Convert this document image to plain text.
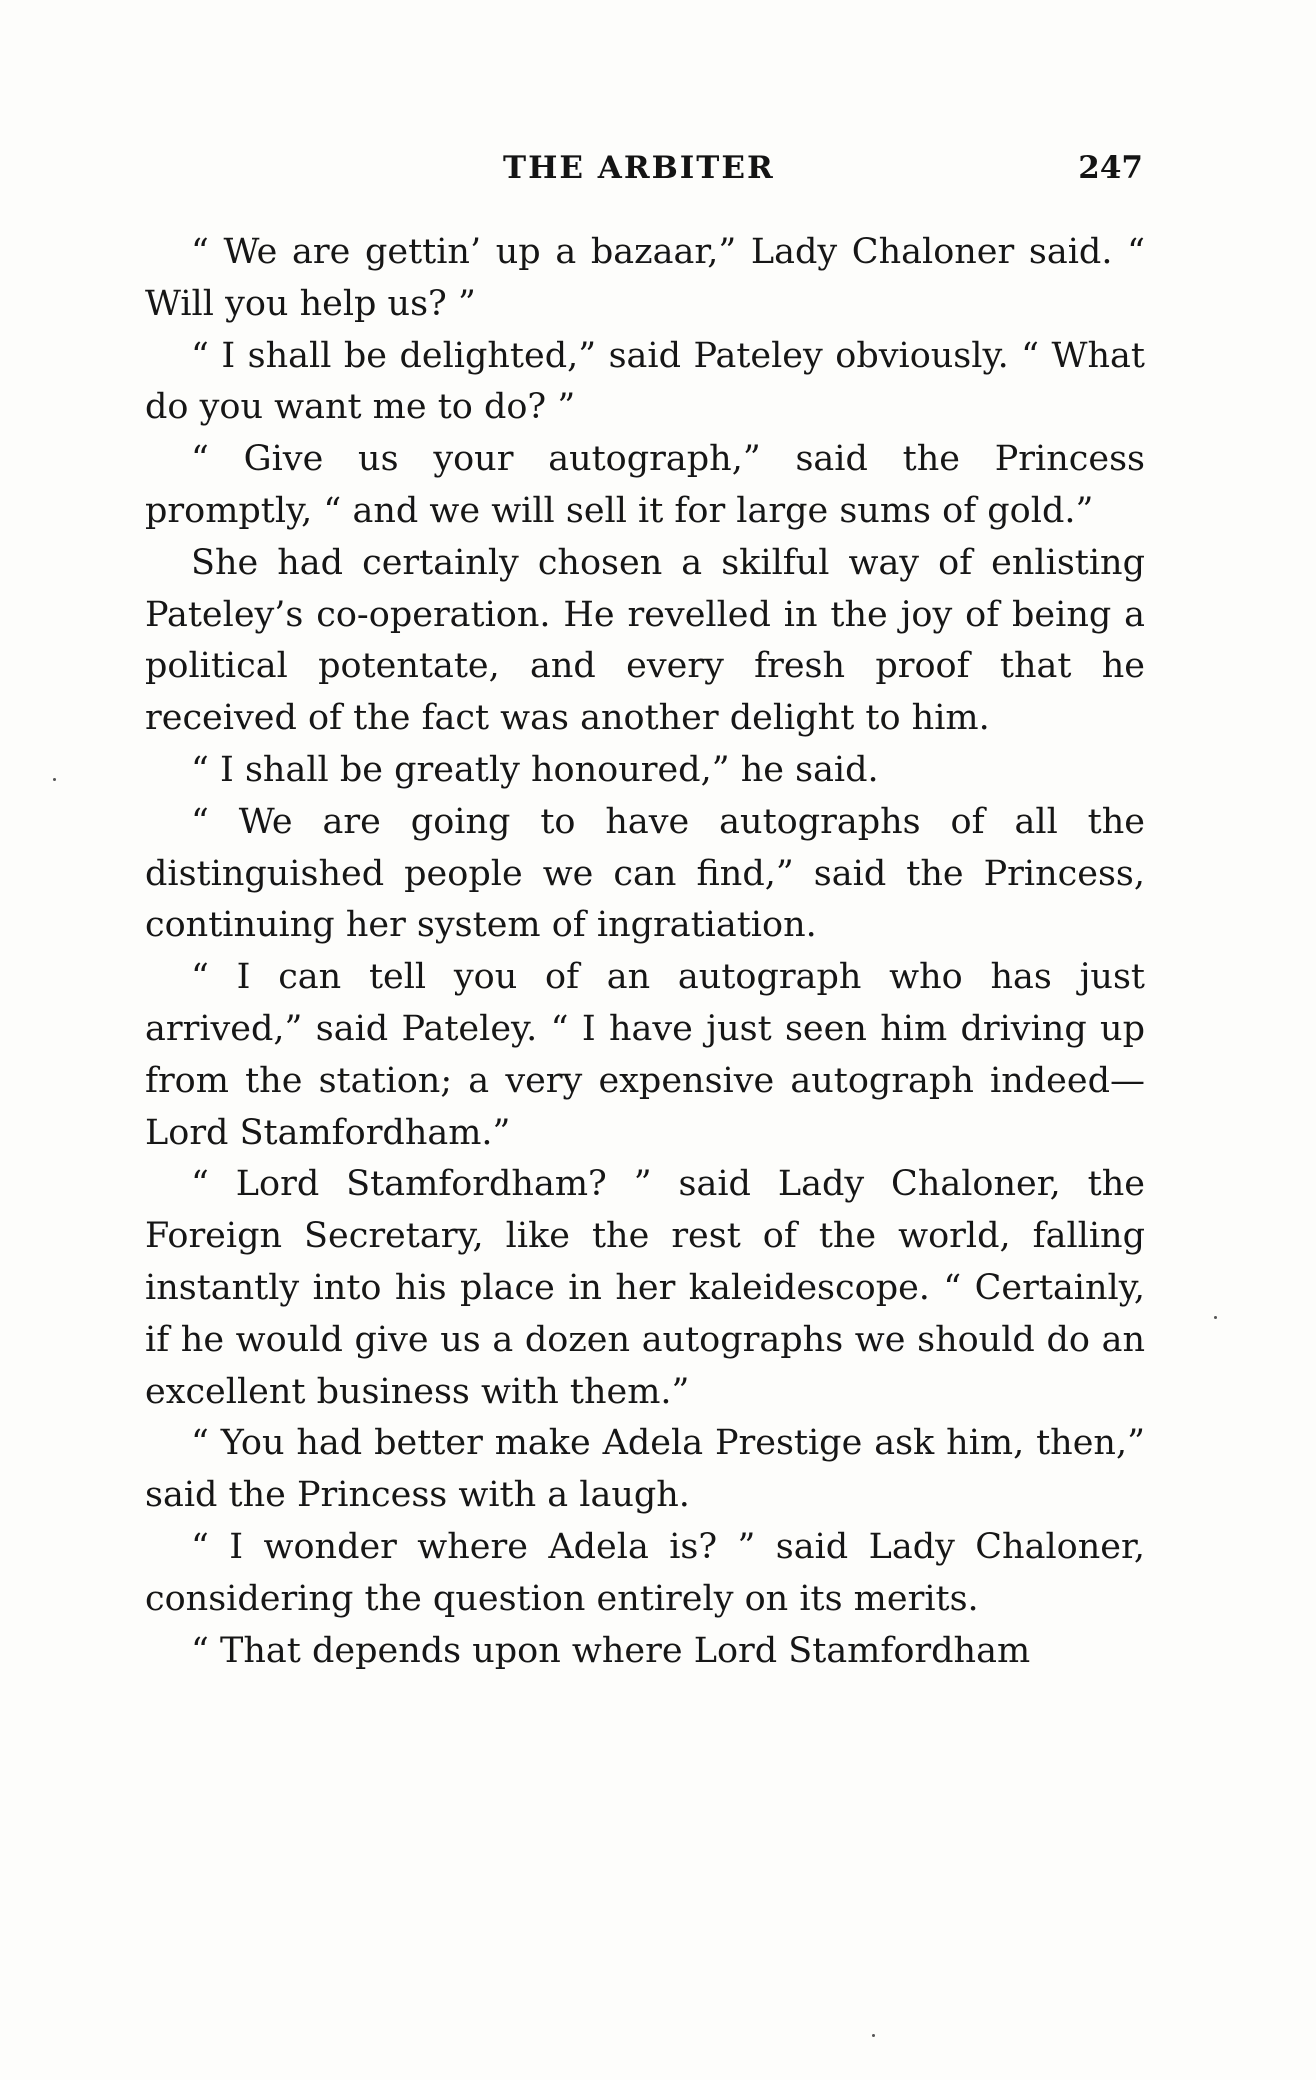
THE ARBITER	247

“ We are gettin’ up a bazaar,” Lady Chaloner said. “ Will you help us? ”

“ I shall be delighted,” said Pateley obviously. “ What do you want me to do? ”

“ Give us your autograph,” said the Princess promptly, “ and we will sell it for large sums of gold.”

She had certainly chosen a skilful way of enlisting Pateley’s co-operation. He revelled in the joy of being a political potentate, and every fresh proof that he received of the fact was another delight to him.

“ I shall be greatly honoured,” he said.

“ We are going to have autographs of all the distinguished people we can find,” said the Princess, continuing her system of ingratiation.

“ I can tell you of an autograph who has just arrived,” said Pateley. “ I have just seen him driving up from the station; a very expensive autograph indeed—Lord Stamfordham.”

“ Lord Stamfordham? ” said Lady Chaloner, the Foreign Secretary, like the rest of the world, falling instantly into his place in her kaleidescope. “ Certainly, if he would give us a dozen autographs we should do an excellent business with them.”

“ You had better make Adela Prestige ask him, then,” said the Princess with a laugh.

“ I wonder where Adela is? ” said Lady Chaloner, considering the question entirely on its merits.

“ That depends upon where Lord Stamfordham
